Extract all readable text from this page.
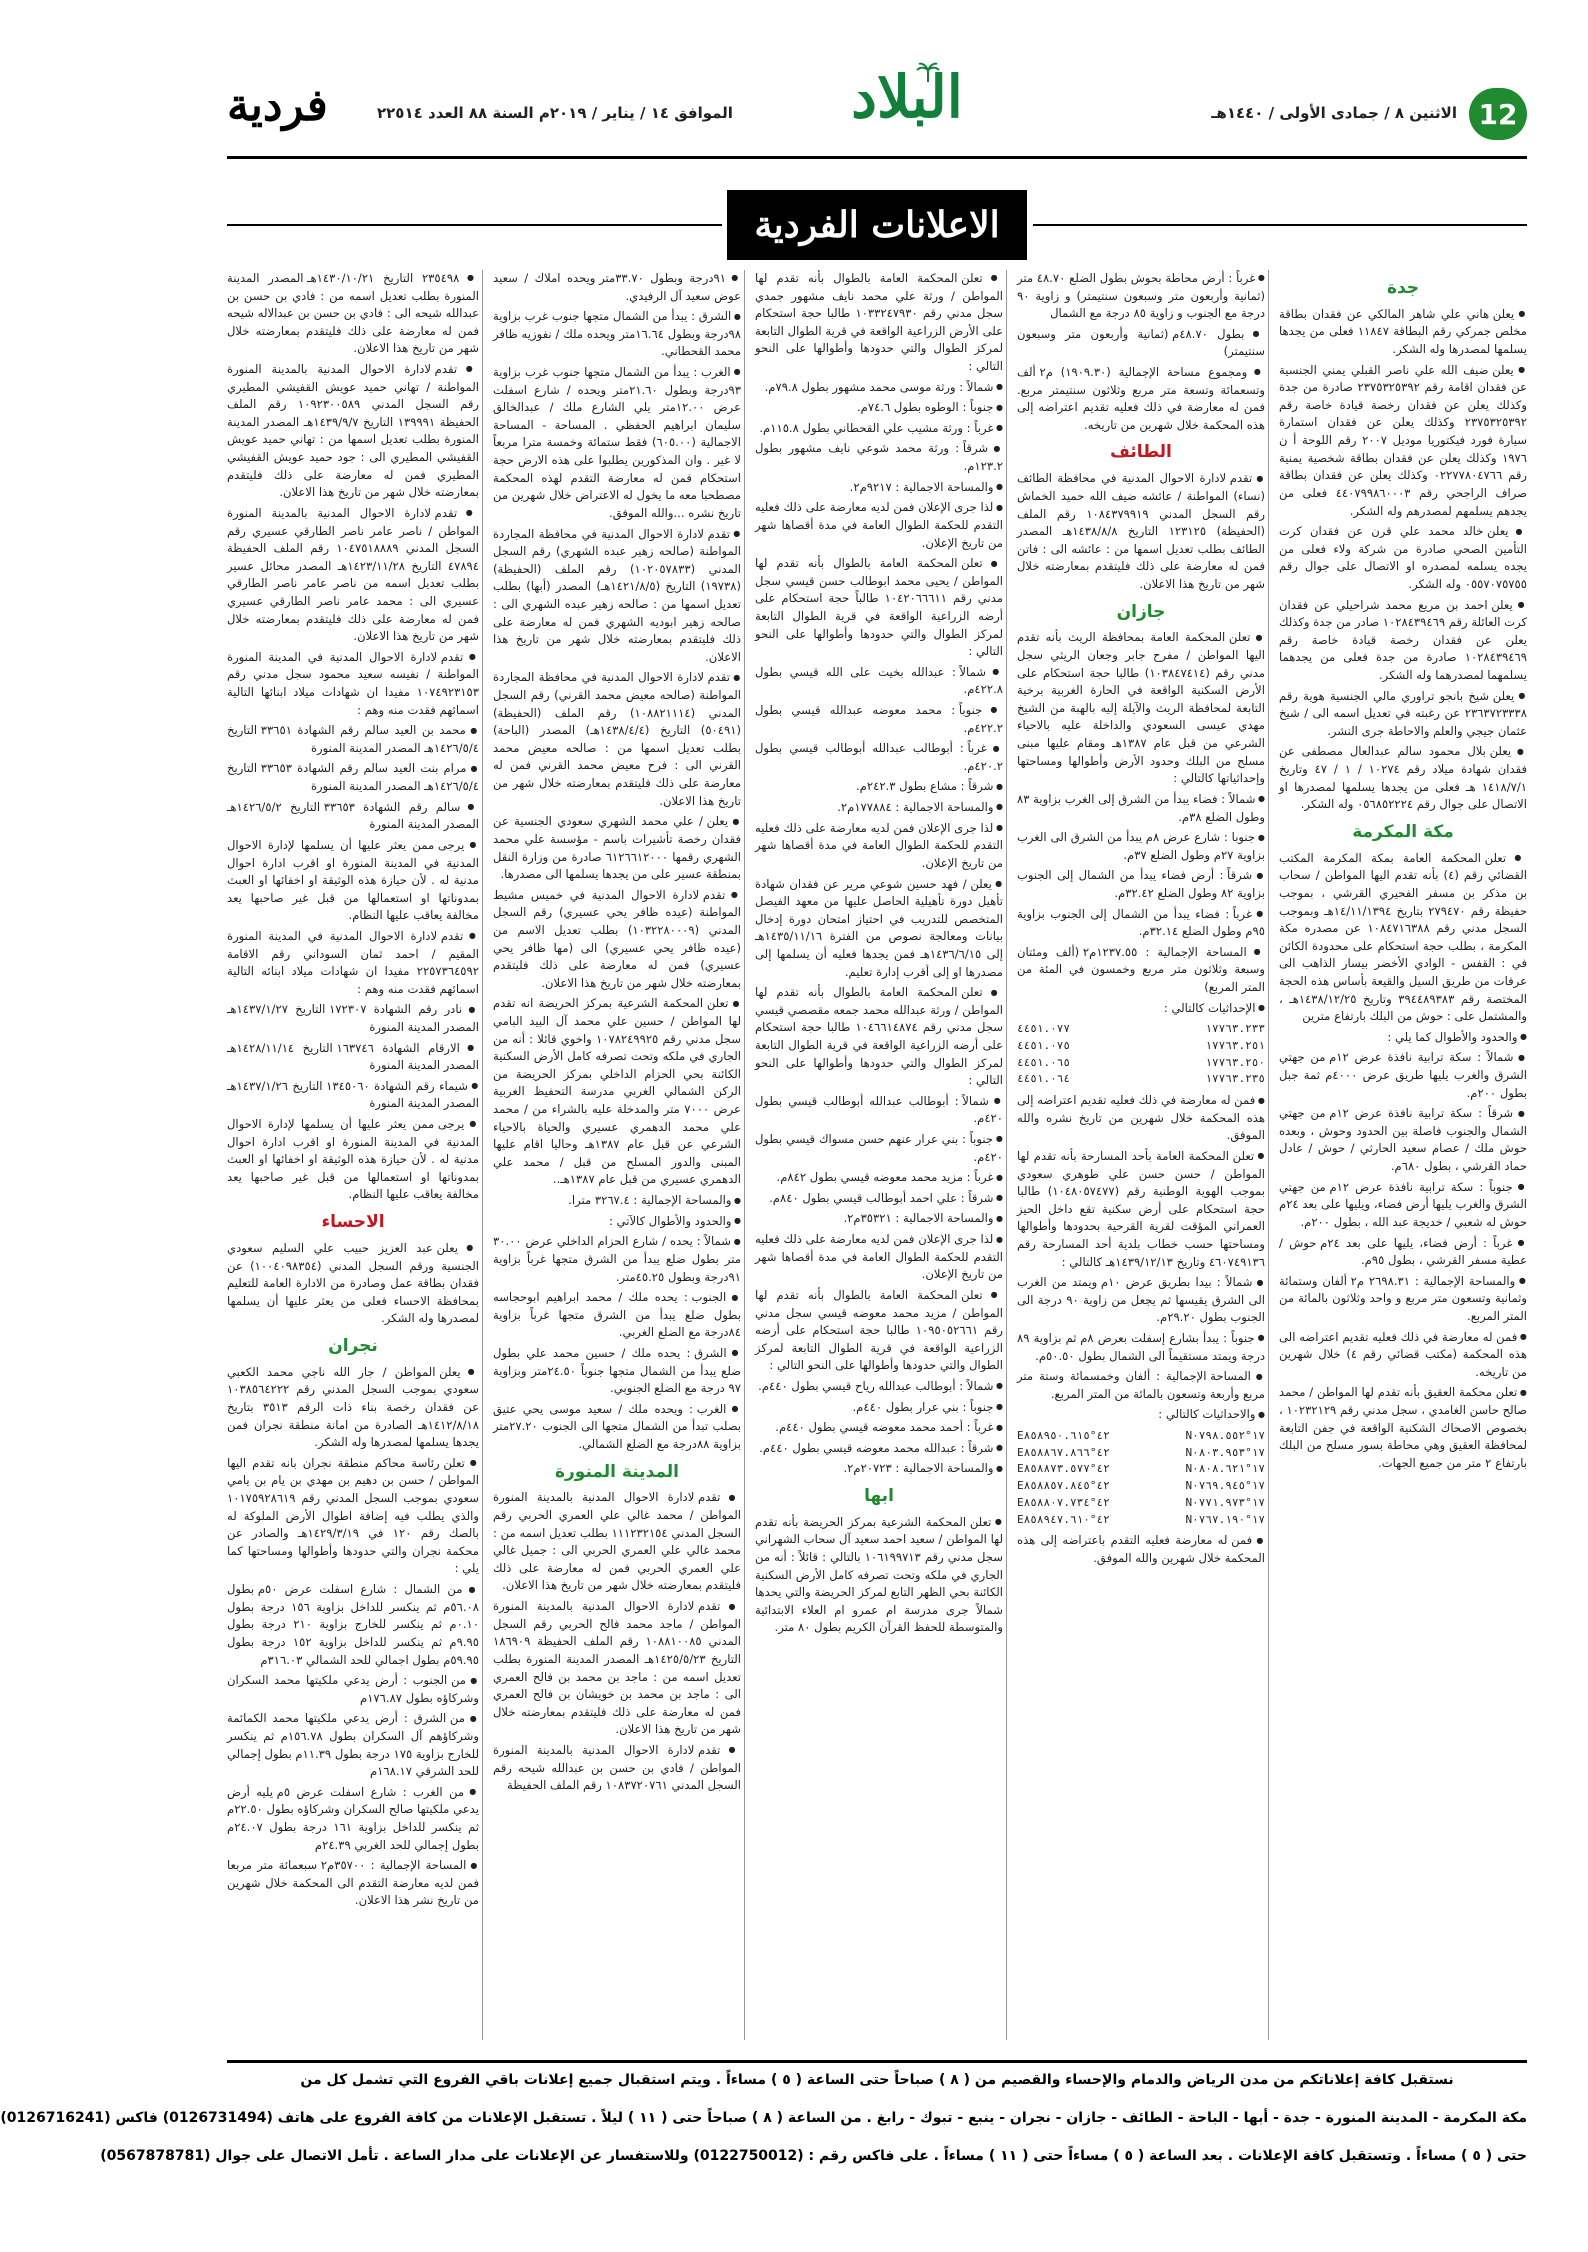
12
الاثنين ٨ / جمادى الأولى / ١٤٤٠هـ
البلاد
الموافق ١٤ / يناير / ٢٠١٩م السنة ٨٨ العدد ٢٢٥١٤
فردية
الاعلانات الفردية
جدة

● يعلن هاني علي شاهر المالكي عن فقدان بطاقة مخلص جمركي رقم البطاقة ١١٨٤٧ فعلى من يجدها يسلمها لمصدرها وله الشكر.

● يعلن ضيف الله علي ناصر القبلي يمني الجنسية عن فقدان اقامة رقم ٢٣٧٥٣٢٥٣٩٢ صادرة من جدة وكذلك يعلن عن فقدان رخصة قيادة خاصة رقم ٢٣٧٥٣٢٥٣٩٢ وكذلك يعلن عن فقدان استمارة سيارة فورد فيكتوريا موديل ٢٠٠٧ رقم اللوحة أ ن ١٩٧٦ وكذلك يعلن عن فقدان بطاقة شخصية يمنية رقم ٠٢٢٧٧٨٠٤٧٦٦ وكذلك يعلن عن فقدان بطاقة صراف الراجحي رقم ٤٤٠٧٩٩٨٦٠٠٠٣ فعلى من يجدهم يسلمهم لمصدرهم وله الشكر.

● يعلن خالد محمد علي قرن عن فقدان كرت التأمين الصحي صادرة من شركة ولاء فعلى من يجده يسلمه لمصدره او الاتصال على جوال رقم ٠٥٥٧٠٧٥٧٥٥ وله الشكر.

● يعلن احمد بن مريع محمد شراحيلي عن فقدان كرت العائلة رقم ١٠٢٨٤٣٩٤٦٩ صادر من جدة وكذلك يعلن عن فقدان رخصة قيادة خاصة رقم ١٠٢٨٤٣٩٤٦٩ صادرة من جدة فعلى من يجدهما يسلمهما لمصدرهما وله الشكر.

● يعلن شيخ بانجو تراوري مالي الجنسية هوية رقم ٢٣٦٣٧٢٣٣٣٨ عن رغبته في تعديل اسمه الى / شيخ عثمان جيجي والعلم والاحاطة جرى النشر.

● يعلن بلال محمود سالم عبدالعال مصطفى عن فقدان شهادة ميلاد رقم ١٠٢٧٤ / ١ / ٤٧ وتاريخ ١٤١٨/٧/١ هـ فعلى من يجدها يسلمها لمصدرها او الاتصال على جوال رقم ٠٥٦٨٥٢٢٢٤ وله الشكر.

مكة المكرمة

● تعلن المحكمة العامة بمكة المكرمة المكتب القضائي رقم (٤) بأنه تقدم اليها المواطن / سحاب بن مذكر بن مسفر الفحيري القرشي ، بموجب حفيظة رقم ٢٧٩٤٧٠ بتاريخ ١٤/١١/١٣٩٤هـ وبموجب السجل مدني رقم ١٠٨٤٧١٦٣٨٨ عن مصدره مكة المكرمة ، بطلب حجة استحكام على محدودة الكائن في : القفس - الوادي الأخضر بيسار الذاهب الى عرفات من طريق السيل والقيعة بأساس هذه الحجة المختصة رقم ٣٩٤٤٨٩٣٨٣ وتاريخ ١٤٣٨/١٢/٢٥هـ ، والمشتمل على : حوش من البلك بارتفاع مترين

● والحدود والأطوال كما يلي :

● شمالاً : سكة ترابية نافذة عرض ١٢م من جهتي الشرق والغرب يليها طريق عرض ٤٠٠٠م ثمة جبل بطول ٢٠٠م.

● شرقاً : سكة ترابية نافذة عرض ١٢م من جهتي الشمال والجنوب فاصلة بين الحدود وحوش ، وبعده حوش ملك / عصام سعيد الحارثي / حوش / عادل حماد القرشي ، بطول ٦٨٠م.

● جنوباً : سكة ترابية نافذة عرض ١٢م من جهتي الشرق والغرب يليها أرض فضاء، ويليها على بعد ٢٤م حوش له شعبي / خديجة عبد الله ، بطول ٢٠٠م.

● غرباً : أرض فضاء، يليها على بعد ٢٤م حوش / عطية مسفر القرشي ، بطول ٩٥م.

● والمساحة الإجمالية : ٢٦٩٨.٣١ م٢ ألفان وستمائة وثمانية وتسعون متر مربع و واحد وثلاثون بالمائة من المتر المربع.

● فمن له معارضة في ذلك فعليه تقديم اعتراضه الى هذه المحكمة (مكتب قضائي رقم ٤) خلال شهرين من تاريخه.

● تعلن محكمة العقيق بأنه تقدم لها المواطن / محمد صالح حاسن الغامدي ، سجل مدني رقم ١٠٢٣٢١٢٩ ، بخصوص الاصحاك الشكنية الواقعة في جفن التابعة لمحافظة العقيق وهي محاطة بسور مسلح من البلك بارتفاع ٢ متر من جميع الجهات.

● غرباً : أرض محاطة بحوش بطول الضلع ٤٨.٧٠ متر (ثمانية وأربعون متر وسبعون سنتيمتر) و زاوية ٩٠ درجة مع الجنوب و زاوية ٨٥ درجة مع الشمال

● بطول ٤٨.٧٠م (ثمانية وأربعون متر وسبعون سنتيمتر)

● ومجموع مساحة الإجمالية (١٩٠٩.٣٠) م٢ ألف وتسعمائة وتسعة متر مربع وثلاثون سنتيمتر مربع. فمن له معارضة في ذلك فعليه تقديم اعتراضه إلى هذه المحكمة خلال شهرين من تاريخه.

الطائف

● تقدم لادارة الاحوال المدنية في محافظة الطائف (نساء) المواطنة / عائشه ضيف الله حميد الخماش رقم السجل المدني ١٠٨٤٣٧٩٩١٩ رقم الملف (الحفيظة) ١٢٣١٢٥ التاريخ ١٤٣٨/٨/٨هـ المصدر الطائف بطلب تعديل اسمها من : عائشه الى : فاتن فمن له معارضة على ذلك فليتقدم بمعارضته خلال شهر من تاريخ هذا الاعلان.

جازان

● تعلن المحكمة العامة بمحافظة الريث بأنه تقدم اليها المواطن / مفرح جابر وجعان الريثي سجل مدني رقم (١٠٣٨٤٧٤١٤) طالبا حجة استحكام على الأرض السكنية الواقعة في الحارة الغربية برخية التابعة لمحافظة الريث والآيلة إليه بالهبة من الشيخ مهدي عيسى السعودي والداخلة عليه بالاحياء الشرعي من قبل عام ١٣٨٧هـ ومقام عليها مبنى مسلح من البلك وحدود الأرض وأطوالها ومساحتها وإحداثياتها كالتالي :

● شمالاً : فضاء يبدأ من الشرق إلى الغرب بزاوية ٨٣ وطول الضلع ٣٨م.

● جنوبا : شارع عرض ٨م يبدأ من الشرق الى الغرب بزاوية ٢٧م وطول الضلع ٣٧م.

● شرقاً : أرض فضاء يبدأ من الشمال إلى الجنوب بزاوية ٨٢ وطول الضلع ٣٢.٤٢م.

● غرباً : فضاء يبدأ من الشمال إلى الجنوب بزاوية ٩٥م وطول الضلع ٣٢.١٤م.

● المساحة الإجمالية : ١٢٣٧.٥٥م٢ (ألف ومئتان وسبعة وثلاثون متر مربع وخمسون في المئة من المتر المربع)

● الإحداثيات كالتالي :

٤٤٥١.٠٧٧	١٧٧٦٣.٢٣٣
٤٤٥١.٠٧٥	١٧٧٦٣.٢٥١
٤٤٥١.٠٦٥	١٧٧٦٣.٢٥٠
٤٤٥١.٠٦٤	١٧٧٦٣.٢٣٥

● فمن له معارضة في ذلك فعليه تقديم اعتراضه إلى هذه المحكمة خلال شهرين من تاريخ نشره والله الموفق.

● تعلن المحكمة العامة بأحد المسارحة بأنه تقدم لها المواطن / حسن حسن علي طوهري سعودي بموجب الهوية الوطنية رقم (١٠٤٨٠٥٧٤٧٧) طالبا حجة استحكام على أرض سكنية تقع داخل الحيز العمراني المؤقت لقرية القرحية بحدودها وأطوالها ومساحتها حسب خطاب بلدية أحد المسارحة رقم ٤٦٠٧٤٩١٣٦ وتاريخ ١٤٣٩/١٢/١٣هـ كالتالي :

● شمالاً : بيدا بطريق عرض ١٠م ويمتد من الغرب الى الشرق يقيسها ثم يجعل من زاوية ٩٠ درجة الى الجنوب بطول ٢٩.٢٠م.

● جنوباً : يبدأ بشارع إسفلت بعرض ٨م ثم بزاوية ٨٩ درجة ويمتد مستقيماً الى الشمال بطول ٥٠.٥٠م.

● المساحة الإجمالية : ألفان وخمسمائة وستة متر مربع وأربعة وتسعون بالمائة من المتر المربع.

● والاحداثيات كالتالي :

E٤٢°٨٥٨٩٥٠.٦١٥	N١٧°٠٧٩٨.٥٥٢
E٤٢°٨٥٨٨٦٧.٨٦٦	N١٧°٠٨٠٣.٩٥٣
E٤٢°٨٥٨٨٧٣.٥٧٧	N١٧°٠٨٠٨.٦٢١
E٤٢°٨٥٨٨٥٧.٨٤٥	N١٧°٠٧٦٩.٩٤٥
E٤٢°٨٥٨٨٠٧.٧٣٤	N١٧°٠٧٧١.٩٧٣
E٤٢°٨٥٨٩٤٧.٦١٠	N١٧°٠٧٦٧.١٩٠

● فمن له معارضة فعليه التقدم باعتراضه إلى هذه المحكمة خلال شهرين والله الموفق.

● تعلن المحكمة العامة بالطوال بأنه تقدم لها المواطن / ورثة علي محمد نايف مشهور جمدي سجل مدني رقم ١٠٣٣٢٤٧٩٣٠ طالبا حجة استحكام على الأرض الزراعية الواقعة في قرية الطوال التابعة لمركز الطوال والتي حدودها وأطوالها على النحو التالي :

● شمالاً : ورثة موسى محمد مشهور بطول ٧٩.٨م.

● جنوباً : الوطوه بطول ٧٤.٦م.

● غرباً : ورثة مشيب علي القحطاني بطول ١١٥.٨م.

● شرقاً : ورثة محمد شوعي نايف مشهور بطول ١٢٣.٢م.

● والمساحة الاجمالية : ٩٢١٧م٢.

● لذا جرى الإعلان فمن لديه معارضة على ذلك فعليه التقدم للحكمة الطوال العامة في مدة أقصاها شهر من تاريخ الإعلان.

● تعلن المحكمة العامة بالطوال بأنه تقدم لها المواطن / يحيى محمد ابوطالب حسن قيسي سجل مدني رقم ١٠٤٢٠٦٦٦١١ طالباً حجة استحكام على أرضه الزراعية الواقعة في قرية الطوال التابعة لمركز الطوال والتي حدودها وأطوالها على النحو التالي :

● شمالاً : عبدالله بخيت على الله قيسي بطول ٤٢٢.٨م.

● جنوباً : محمد معوضه عبدالله قيسي بطول ٤٢٢.٢م.

● غرباً : أبوطالب عبدالله أبوطالب قيسي بطول ٤٢٠.٢م.

● شرقاً : مشاع بطول ٢٤٢.٣م.

● والمساحة الاجمالية : ١٧٧٨٨٤م٢.

● لذا جرى الإعلان فمن لديه معارضة على ذلك فعليه التقدم للحكمة الطوال العامة في مدة أقصاها شهر من تاريخ الإعلان.

● يعلن / فهد حسين شوعي مرير عن فقدان شهادة تأهيل دورة تأهيلية الحاصل عليها من معهد الفيصل المتخصص للتدريب في احتياز امتحان دورة إدخال بيانات ومعالجة نصوص من الفترة ١٤٣٥/١١/١٦هـ إلى ١٤٣٦/٦/١٥هـ فمن يجدها فعليه أن يسلمها إلى مصدرها او إلى أقرب إدارة تعليم.

● تعلن المحكمة العامة بالطوال بأنه تقدم لها المواطن / ورثة عبدالله محمد جمعه مقصصي قيسي سجل مدني رقم ١٠٤٦٦١٤٨٧٤ طالبا حجة استحكام على أرضه الزراعية الواقعة في قرية الطوال التابعة لمركز الطوال والتي حدودها وأطوالها على النحو التالي :

● شمالاً : أبوطالب عبدالله أبوطالب قيسي بطول ٤٢٠م.

● جنوباً : بني عرار عنهم حسن مسواك قيسي بطول ٤٢٠م.

● غرباً : مزيد محمد معوضه قيسي بطول ٨٤٢م.

● شرقاً : علي احمد أبوطالب قيسي بطول ٨٤٠م.

● والمساحة الاجمالية : ٣٥٣٢١م٢.

● لذا جرى الإعلان فمن لديه معارضة على ذلك فعليه التقدم للحكمة الطوال العامة في مدة أقصاها شهر من تاريخ الإعلان.

● تعلن المحكمة العامة بالطوال بأنه تقدم لها المواطن / مزيد محمد معوضه قيسي سجل مدني رقم ١٠٩٥٠٥٢٦٦١ طالبا حجة استحكام على أرضه الزراعية الواقعة في قرية الطوال التابعة لمركز الطوال والتي حدودها وأطوالها على النحو التالي :

● شمالاً : أبوطالب عبدالله رياح قيسي بطول ٤٤٠م.

● جنوباً : بني عرار بطول ٤٤٠م.

● غرباً : أحمد محمد معوضه قيسي بطول ٤٤٠م.

● شرقاً : عبدالله محمد معوضه قيسي بطول ٤٤٠م.

● والمساحة الاجمالية : ٢٠٧٢٣م٢.

ابها

● تعلن المحكمة الشرعية بمركز الحريضة بأنه تقدم لها المواطن / سعيد احمد سعيد آل سحاب الشهراني سجل مدني رقم ١٠٦١٩٩٧١٣ بالتالي : قائلاً : أنه من الجاري في ملكه وتحت تصرفه كامل الأرض السكنية الكائنة بحي الظهر التابع لمركز الحريضة والتي يحدها شمالاً جرى مدرسة ام عمرو ام العلاء الابتدائية والمتوسطة للحفظ القرآن الكريم بطول ٨٠ متر.

● ٩١درجة وبطول ٣٣.٧٠متر ويحده املاك / سعيد عوض سعيد آل الرفيدي.

● الشرق : يبدأ من الشمال متجها جنوب غرب بزاوية ٩٨درجة وبطول ١٦.٦٤متر ويحده ملك / نفوزيه ظافر محمد القحطاني.

● الغرب : يبدأ من الشمال متجها جنوب غرب بزاوية ٩٣درجة وبطول ٢١.٦٠متر ويحده / شارع اسفلت عرض ١٢.٠٠متر يلي الشارع ملك / عبدالخالق سليمان ابراهيم الحفظي . المساحة - المساحة الاجمالية (٦٠٥.٠٠) فقط ستمائة وخمسة مترا مربعاً لا غير . وان المذكورين يطلبوا على هذه الارض حجة استحكام فمن له معارضة التقدم لهذه المحكمة مصطحبا معه ما يخول له الاعتراض خلال شهرين من تاريخ نشره ...والله الموفق.

● تقدم لادارة الاحوال المدنية في محافظة المجاردة المواطنة (صالحه زهير عبده الشهري) رقم السجل المدني (١٠٢٠٥٧٨٣٣) رقم الملف (الحفيظة) (١٩٧٣٨) التاريخ (١٤٢١/٨/٥هـ) المصدر (أبها) بطلب تعديل اسمها من : صالحه زهير عبده الشهري الى : صالحه زهير ابوديه الشهري فمن له معارضة على ذلك فليتقدم بمعارضته خلال شهر من تاريخ هذا الاعلان.

● تقدم لادارة الاحوال المدنية في محافظة المجاردة المواطنة (صالحه معيض محمد القرني) رقم السجل المدني (١٠٨٨٢١١١٤) رقم الملف (الحفيظة) (٥٠٤٩١) التاريخ (١٤٣٨/٤/٤هـ) المصدر (الباحة) بطلب تعديل اسمها من : صالحه معيض محمد القرني الى : فرح معيض محمد القرني فمن له معارضة على ذلك فليتقدم بمعارضته خلال شهر من تاريخ هذا الاعلان.

● يعلن / علي محمد الشهري سعودي الجنسية عن فقدان رخصة تأشيرات باسم - مؤسسة علي محمد الشهري رقمها ٦١٢٦٦١٢٠٠٠ صادرة من وزارة النقل بمنطقة عسير على من يجدها يسلمها الى مصدرها.

● تقدم لادارة الاحوال المدنية في خميس مشيط المواطنة (عيده ظافر يحي عسيري) رقم السجل المدني (١٠٣٢٢٨٠٠٠٩) بطلب تعديل الاسم من (عيده ظافر يحي عسيري) الى (مها ظافر يحي عسيري) فمن له معارضة على ذلك فليتقدم بمعارضته خلال شهر من تاريخ هذا الاعلان.

● تعلن المحكمة الشرعية بمركز الحريضة انه تقدم لها المواطن / حسين علي محمد آل البيد البامي سجل مدني رقم ١٠٧٨٢٤٩٩٢٥ واخوي قائلا : أنه من الجاري في ملكه وتحت تصرفه كامل الأرض السكنية الكائنة بحي الحزام الداخلي بمركز الحريضة من الركن الشمالي الغربي مدرسة التحفيظ الغربية عرض ٧٠٠٠ متر والمدخلة عليه بالشراء من / محمد علي محمد الدهمري عسيري والحياة بالاحياء الشرعي عن قبل عام ١٣٨٧هـ وحاليا اقام عليها المبنى والدور المسلح من قبل / محمد علي الدهمري عسيري من قبل عام ١٣٨٧هـ..

● والمساحة الإجمالية : ٣٢٦٧.٤ مترا.

● والحدود والأطوال كالآتي :

● شمالاً : يحده / شارع الحزام الداخلي عرض ٣٠.٠٠ متر بطول ضلع يبدأ من الشرق متجها غرباً بزاوية ٩١درجة وبطول ٤٥.٢٥متر.

● الجنوب : يحده ملك / محمد ابراهيم ابوحجاسه بطول ضلع يبدأ من الشرق متجها غرباً بزاوية ٨٤درجة مع الضلع الغربي.

● الشرق : يحده ملك / حسين محمد علي بطول ضلع يبدأ من الشمال متجها جنوباً ٢٤.٥٠متر وبزاوية ٩٧ درجة مع الضلع الجنوبي.

● الغرب : ويحده ملك / سعيد موسى يحي عتيق بصلب تبدأ من الشمال متجها الى الجنوب ٢٧.٢٠متر بزاوية ٨٨درجة مع الضلع الشمالي.

المدينة المنورة

● تقدم لادارة الاحوال المدنية بالمدينة المنورة المواطن / محمد غالي علي العمري الحربي رقم السجل المدني ١١١٢٣٢١٥٤ بطلب تعديل اسمه من : محمد غالي علي العمري الحربي الى : جميل غالي علي العمري الحربي فمن له معارضة على ذلك فليتقدم بمعارضته خلال شهر من تاريخ هذا الاعلان.

● تقدم لادارة الاحوال المدنية بالمدينة المنورة المواطن / ماجد محمد فالح الحربي رقم السجل المدني ١٠٨٨١٠٠٨٥ رقم الملف الحفيظة ١٨٦٩٠٩ التاريخ ١٤٢٥/٥/٢٣هـ المصدر المدينة المنورة بطلب تعديل اسمه من : ماجد بن محمد بن فالح العمري الى : ماجد بن محمد بن خويشان بن فالح العمري فمن له معارضة على ذلك فليتقدم بمعارضته خلال شهر من تاريخ هذا الاعلان.

● تقدم لادارة الاحوال المدنية بالمدينة المنورة المواطن / فادي بن حسن بن عبدالله شيحه رقم السجل المدني ١٠٨٣٧٢٠٧٦١ رقم الملف الحفيظة

● ٢٣٥٤٩٨ التاريخ ١٤٣٠/١٠/٢١هـ المصدر المدينة المنورة بطلب تعديل اسمه من : فادي بن حسن بن عبدالله شيحه الى : فادي بن حسن بن عبدالاله شيحه فمن له معارضة على ذلك فليتقدم بمعارضته خلال شهر من تاريخ هذا الاعلان.

● تقدم لادارة الاحوال المدنية بالمدينة المنورة المواطنة / تهاني حميد عويش القفيشي المطيري رقم السجل المدني ١٠٩٢٣٠٠٥٨٩ رقم الملف الحفيظة ١٣٩٩٩١ التاريخ ١٤٣٩/٩/٧هـ المصدر المدينة المنورة بطلب تعديل اسمها من : تهاني حميد عويش القفيشي المطيري الى : جود حميد عويش القفيشي المطيري فمن له معارضة على ذلك فليتقدم بمعارضته خلال شهر من تاريخ هذا الاعلان.

● تقدم لادارة الاحوال المدنية بالمدينة المنورة المواطن / ناصر عامر ناصر الطارقي عسيري رقم السجل المدني ١٠٤٧٥١٨٨٨٩ رقم الملف الحفيظة ٤٧٨٩٤ التاريخ ١٤٢٣/١١/٢٨هـ المصدر محائل عسير بطلب تعديل اسمه من ناصر عامر ناصر الطارقي عسيري الى : محمد عامر ناصر الطارقي عسيري فمن له معارضة على ذلك فليتقدم بمعارضته خلال شهر من تاريخ هذا الاعلان.

● تقدم لادارة الاحوال المدنية في المدينة المنورة المواطنة / نفيسه سعيد محمود سجل مدني رقم ١٠٧٤٩٢٣١٥٣ مفيدا ان شهادات ميلاد ابنائها التالية اسمائهم فقدت منه وهم :

● محمد بن العيد سالم رقم الشهادة ٣٣٦٥١ التاريخ ١٤٢٦/٥/٤هـ المصدر المدينة المنورة

● مرام بنت العيد سالم رقم الشهادة ٣٣٦٥٣ التاريخ ١٤٢٦/٥/٤هـ المصدر المدينة المنورة

● سالم رقم الشهادة ٣٣٦٥٣ التاريخ ١٤٢٦/٥/٢هـ المصدر المدينة المنورة

● يرجى ممن يعثر عليها أن يسلمها لإدارة الاحوال المدنية في المدينة المنورة او اقرب ادارة احوال مدنية له . لأن حيازة هذه الوثيقة او اخفائها او العبث بمدوناتها او استعمالها من قبل غير صاحبها يعد مخالفة يعاقب عليها النظام.

● تقدم لادارة الاحوال المدنية في المدينة المنورة المقيم / احمد ثمان السوداني رقم الاقامة ٢٢٥٧٣٦٤٥٩٢ مفيدا ان شهادات ميلاد ابنائه التالية اسمائهم فقدت منه وهم :

● نادر رقم الشهادة ١٧٢٣٠٧ التاريخ ١٤٣٧/١/٢٧هـ المصدر المدينة المنورة

● الارقام الشهادة ١٦٣٧٤٦ التاريخ ١٤٢٨/١١/١٤هـ المصدر المدينة المنورة

● شيماء رقم الشهادة ١٣٤٥٠٦٠ التاريخ ١٤٣٧/١/٢٦هـ المصدر المدينة المنورة

● يرجى ممن يعثر عليها أن يسلمها لإدارة الاحوال المدنية في المدينة المنورة او اقرب ادارة احوال مدنية له . لأن حيازة هذه الوثيقة او اخفائها او العبث بمدوناتها او استعمالها من قبل غير صاحبها يعد مخالفة يعاقب عليها النظام.

الاحساء

● يعلن عبد العزيز حبيب علي السليم سعودي الجنسية ورقم السجل المدني (١٠٠٤٠٩٨٣٥٤) عن فقدان بطاقة عمل وصادرة من الادارة العامة للتعليم بمحافظة الاحساء فعلى من يعثر عليها أن يسلمها لمصدرها وله الشكر.

نجران

● يعلن المواطن / جار الله ناجي محمد الكعبي سعودي بموجب السجل المدني رقم ١٠٣٨٥٦٤٢٢٢ عن فقدان رخصة بناء ذات الرقم ٣٥١٣ بتاريخ ١٤١٢/٨/١٨هـ الصادرة من امانة منطقة نجران فمن يجدها يسلمها لمصدرها وله الشكر.

● تعلن رئاسة محاكم منطقة نجران بانه تقدم اليها المواطن / حسن بن دهيم بن مهدي بن يام بن يامي سعودي بموجب السجل المدني رقم ١٠١٧٥٩٢٨٦١٩ والذي يطلب فيه إضافة اطوال الأرض الملوكة له بالصك رقم ١٢٠ في ١٤٢٩/٣/١٩هـ والصادر عن محكمة نجران والتي حدودها وأطوالها ومساحتها كما يلي :

● من الشمال : شارع اسفلت عرض ٥٠م بطول ٥٦.٠٨م ثم ينكسر للداخل بزاوية ١٥٦ درجة بطول ٠.١٠م ثم ينكسر للخارج بزاوية ٢١٠ درجة بطول ٩.٩٥م ثم ينكسر للداخل بزاوية ١٥٢ درجة بطول ٥٩.٩٥م بطول اجمالي للحد الشمالي ٣١٦.٠٣م

● من الجنوب : أرض يدعي ملكيتها محمد السكران وشركاؤه بطول ١٧٦.٨٧م

● من الشرق : أرض يدعي ملكيتها محمد الكمائمة وشركاؤهم آل السكران بطول ١٥٦.٧٨م ثم ينكسر للخارج بزاوية ١٧٥ درجة بطول ١١.٣٩م بطول إجمالي للحد الشرقي ١٦٨.١٧م

● من الغرب : شارع اسفلت عرض ٥م يليه أرض يدعي ملكيتها صالح السكران وشركاؤه بطول ٢٢.٥٠م ثم ينكسر للداخل بزاوية ١٦١ درجة بطول ٢٤.٠٧م بطول إجمالي للحد الغربي ٢٤.٣٩م

● المساحة الإجمالية : ٣٥٧٠٠م٢ سبعمائة متر مربعا فمن لديه معارضة التقدم الى المحكمة خلال شهرين من تاريخ نشر هذا الاعلان.

نستقبل كافة إعلاناتكم من مدن الرياض والدمام والإحساء والقصيم من ( ٨ ) صباحاً حتى الساعة ( ٥ ) مساءاً . ويتم استقبال جميع إعلانات باقي الفروع التي تشمل كل من
مكة المكرمة - المدينة المنورة - جدة - أبها - الباحة - الطائف - جازان - نجران - ينبع - تبوك - رابغ . من الساعة ( ٨ ) صباحاً حتى ( ١١ ) ليلاً . تستقبل الإعلانات من كافة الفروع على هاتف (0126731494) فاكس (0126716241)
حتى ( ٥ ) مساءاً . وتستقبل كافة الإعلانات . بعد الساعة ( ٥ ) مساءاً حتى ( ١١ ) مساءاً . على فاكس رقم : (0122750012) وللاستفسار عن الإعلانات على مدار الساعة . تأمل الاتصال على جوال (0567878781)
